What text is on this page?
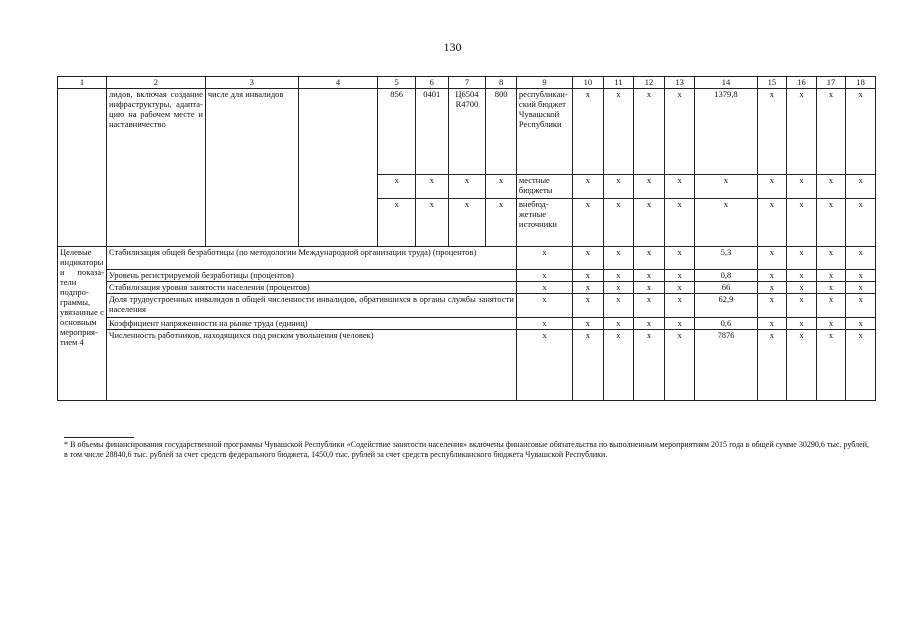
130
1	2	3	4	5	6	7	8	9	10	11	12	13	14	15	16	17	18
	лидов, включая создание инфраструктуры, адаптацию на рабочем месте и наставничество	числе для инвалидов		856	0401	Ц6504 R4700	800	республиканский бюджет Чувашской Республики	x	x	x	x	1379,8	x	x	x	x
				x	x	x	x	местные бюджеты	x	x	x	x	x	x	x	x	x
				x	x	x	x	внебюджетные источники	x	x	x	x	x	x	x	x	x
Целевые индикаторы и показатели подпрограммы, увязанные с основным мероприятием 4	Стабилизация общей безработицы (по методологии Международной организации труда) (процентов)							x	x	x	x	x	5,3	x	x	x	x
	Уровень регистрируемой безработицы (процентов)							x	x	x	x	x	0,8	x	x	x	x
	Стабилизация уровня занятости населения (процентов)							x	x	x	x	x	66	x	x	x	x
	Доля трудоустроенных инвалидов в общей численности инвалидов, обратившихся в органы службы занятости населения							x	x	x	x	x	62,9	x	x	x	x
	Коэффициент напряженности на рынке труда (единиц)							x	x	x	x	x	0,6	x	x	x	x
	Численность работников, находящихся под риском увольнения (человек)							x	x	x	x	x	7876	x	x	x	x
* В объемы финансирования государственной программы Чувашской Республики «Содействие занятости населения» включены финансовые обязательства по выполненным мероприятиям 2015 года в общей сумме 30290,6 тыс. рублей, в том числе 28840,6 тыс. рублей за счет средств федерального бюджета, 1450,0 тыс. рублей за счет средств республиканского бюджета Чувашской Республики.
